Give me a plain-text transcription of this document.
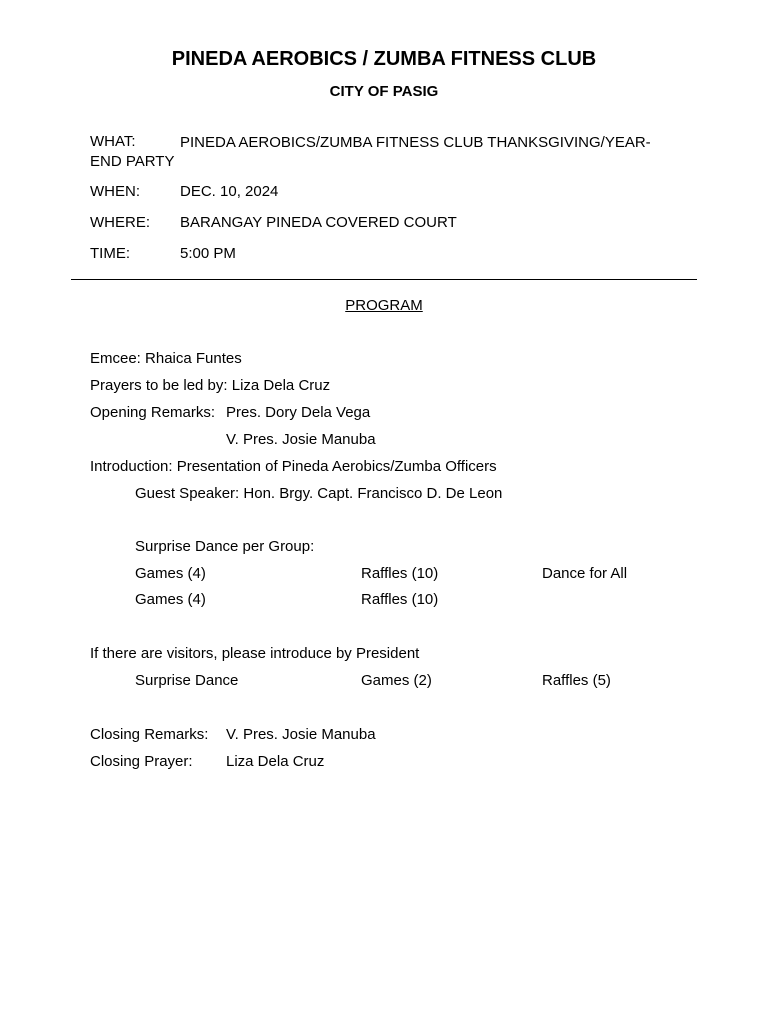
PINEDA AEROBICS / ZUMBA FITNESS CLUB
CITY OF PASIG
WHAT:	PINEDA AEROBICS/ZUMBA FITNESS CLUB THANKSGIVING/YEAR-END PARTY
WHEN:	DEC. 10, 2024
WHERE: BARANGAY PINEDA COVERED COURT
TIME:	5:00 PM
PROGRAM
Emcee: Rhaica Funtes
Prayers to be led by: Liza Dela Cruz
Opening Remarks: Pres. Dory Dela Vega
V. Pres. Josie Manuba
Introduction: Presentation of Pineda Aerobics/Zumba Officers
Guest Speaker: Hon. Brgy. Capt. Francisco D. De Leon
Surprise Dance per Group:
Games (4)	Raffles (10)	Dance for All
Games (4)	Raffles (10)
If there are visitors, please introduce by President
Surprise Dance	Games (2)	Raffles (5)
Closing Remarks: V. Pres. Josie Manuba
Closing Prayer: Liza Dela Cruz
